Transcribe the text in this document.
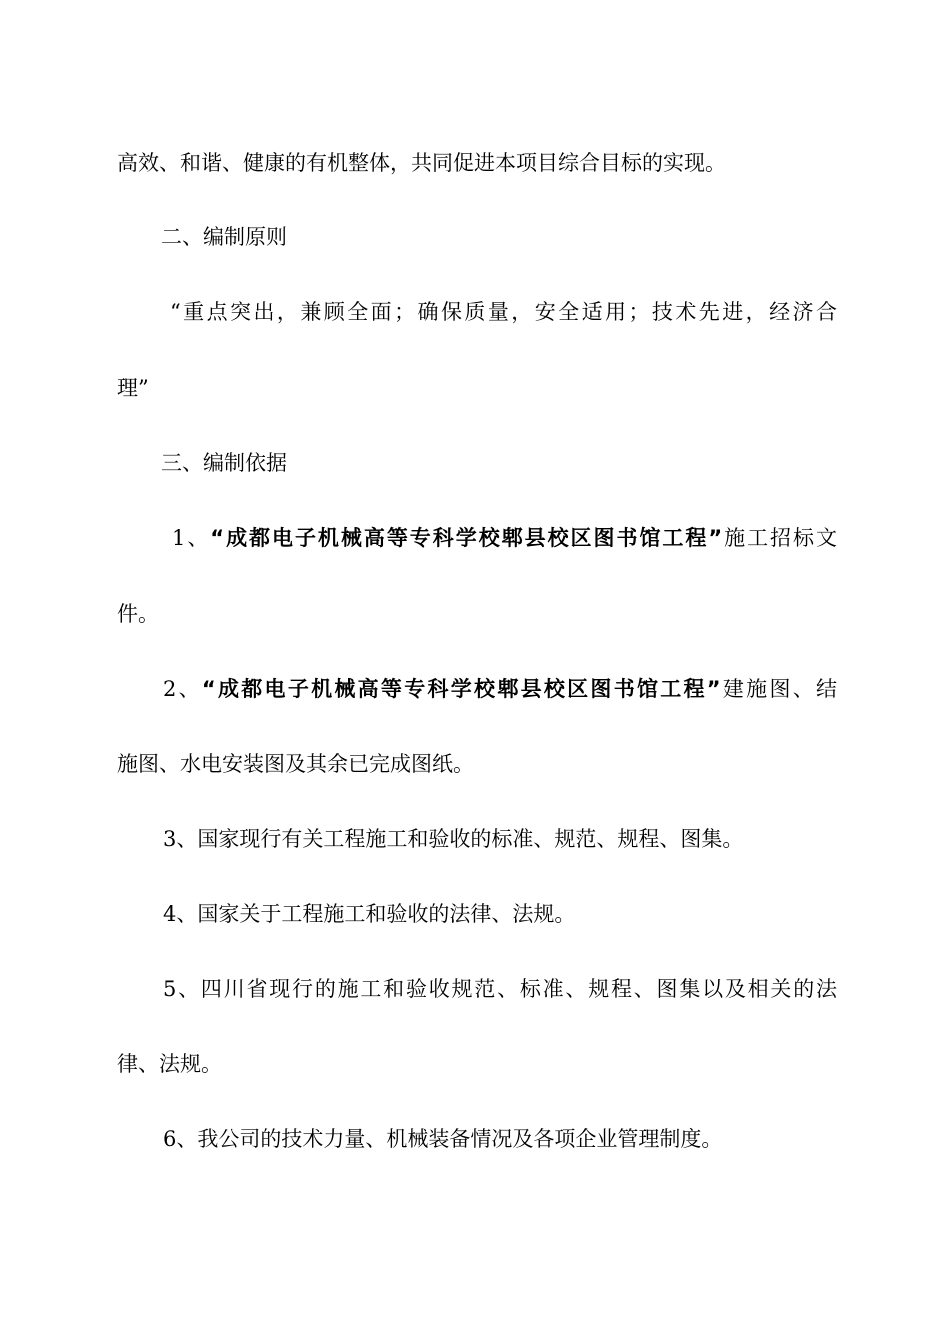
高效、和谐、健康的有机整体，共同促进本项目综合目标的实现。
二、编制原则
“重点突出，兼顾全面；确保质量，安全适用；技术先进，经济合
理”
三、编制依据
1、“成都电子机械高等专科学校郫县校区图书馆工程”施工招标文
件。
2、“成都电子机械高等专科学校郫县校区图书馆工程”建施图、结
施图、水电安装图及其余已完成图纸。
3、国家现行有关工程施工和验收的标准、规范、规程、图集。
4、国家关于工程施工和验收的法律、法规。
5、四川省现行的施工和验收规范、标准、规程、图集以及相关的法
律、法规。
6、我公司的技术力量、机械装备情况及各项企业管理制度。
